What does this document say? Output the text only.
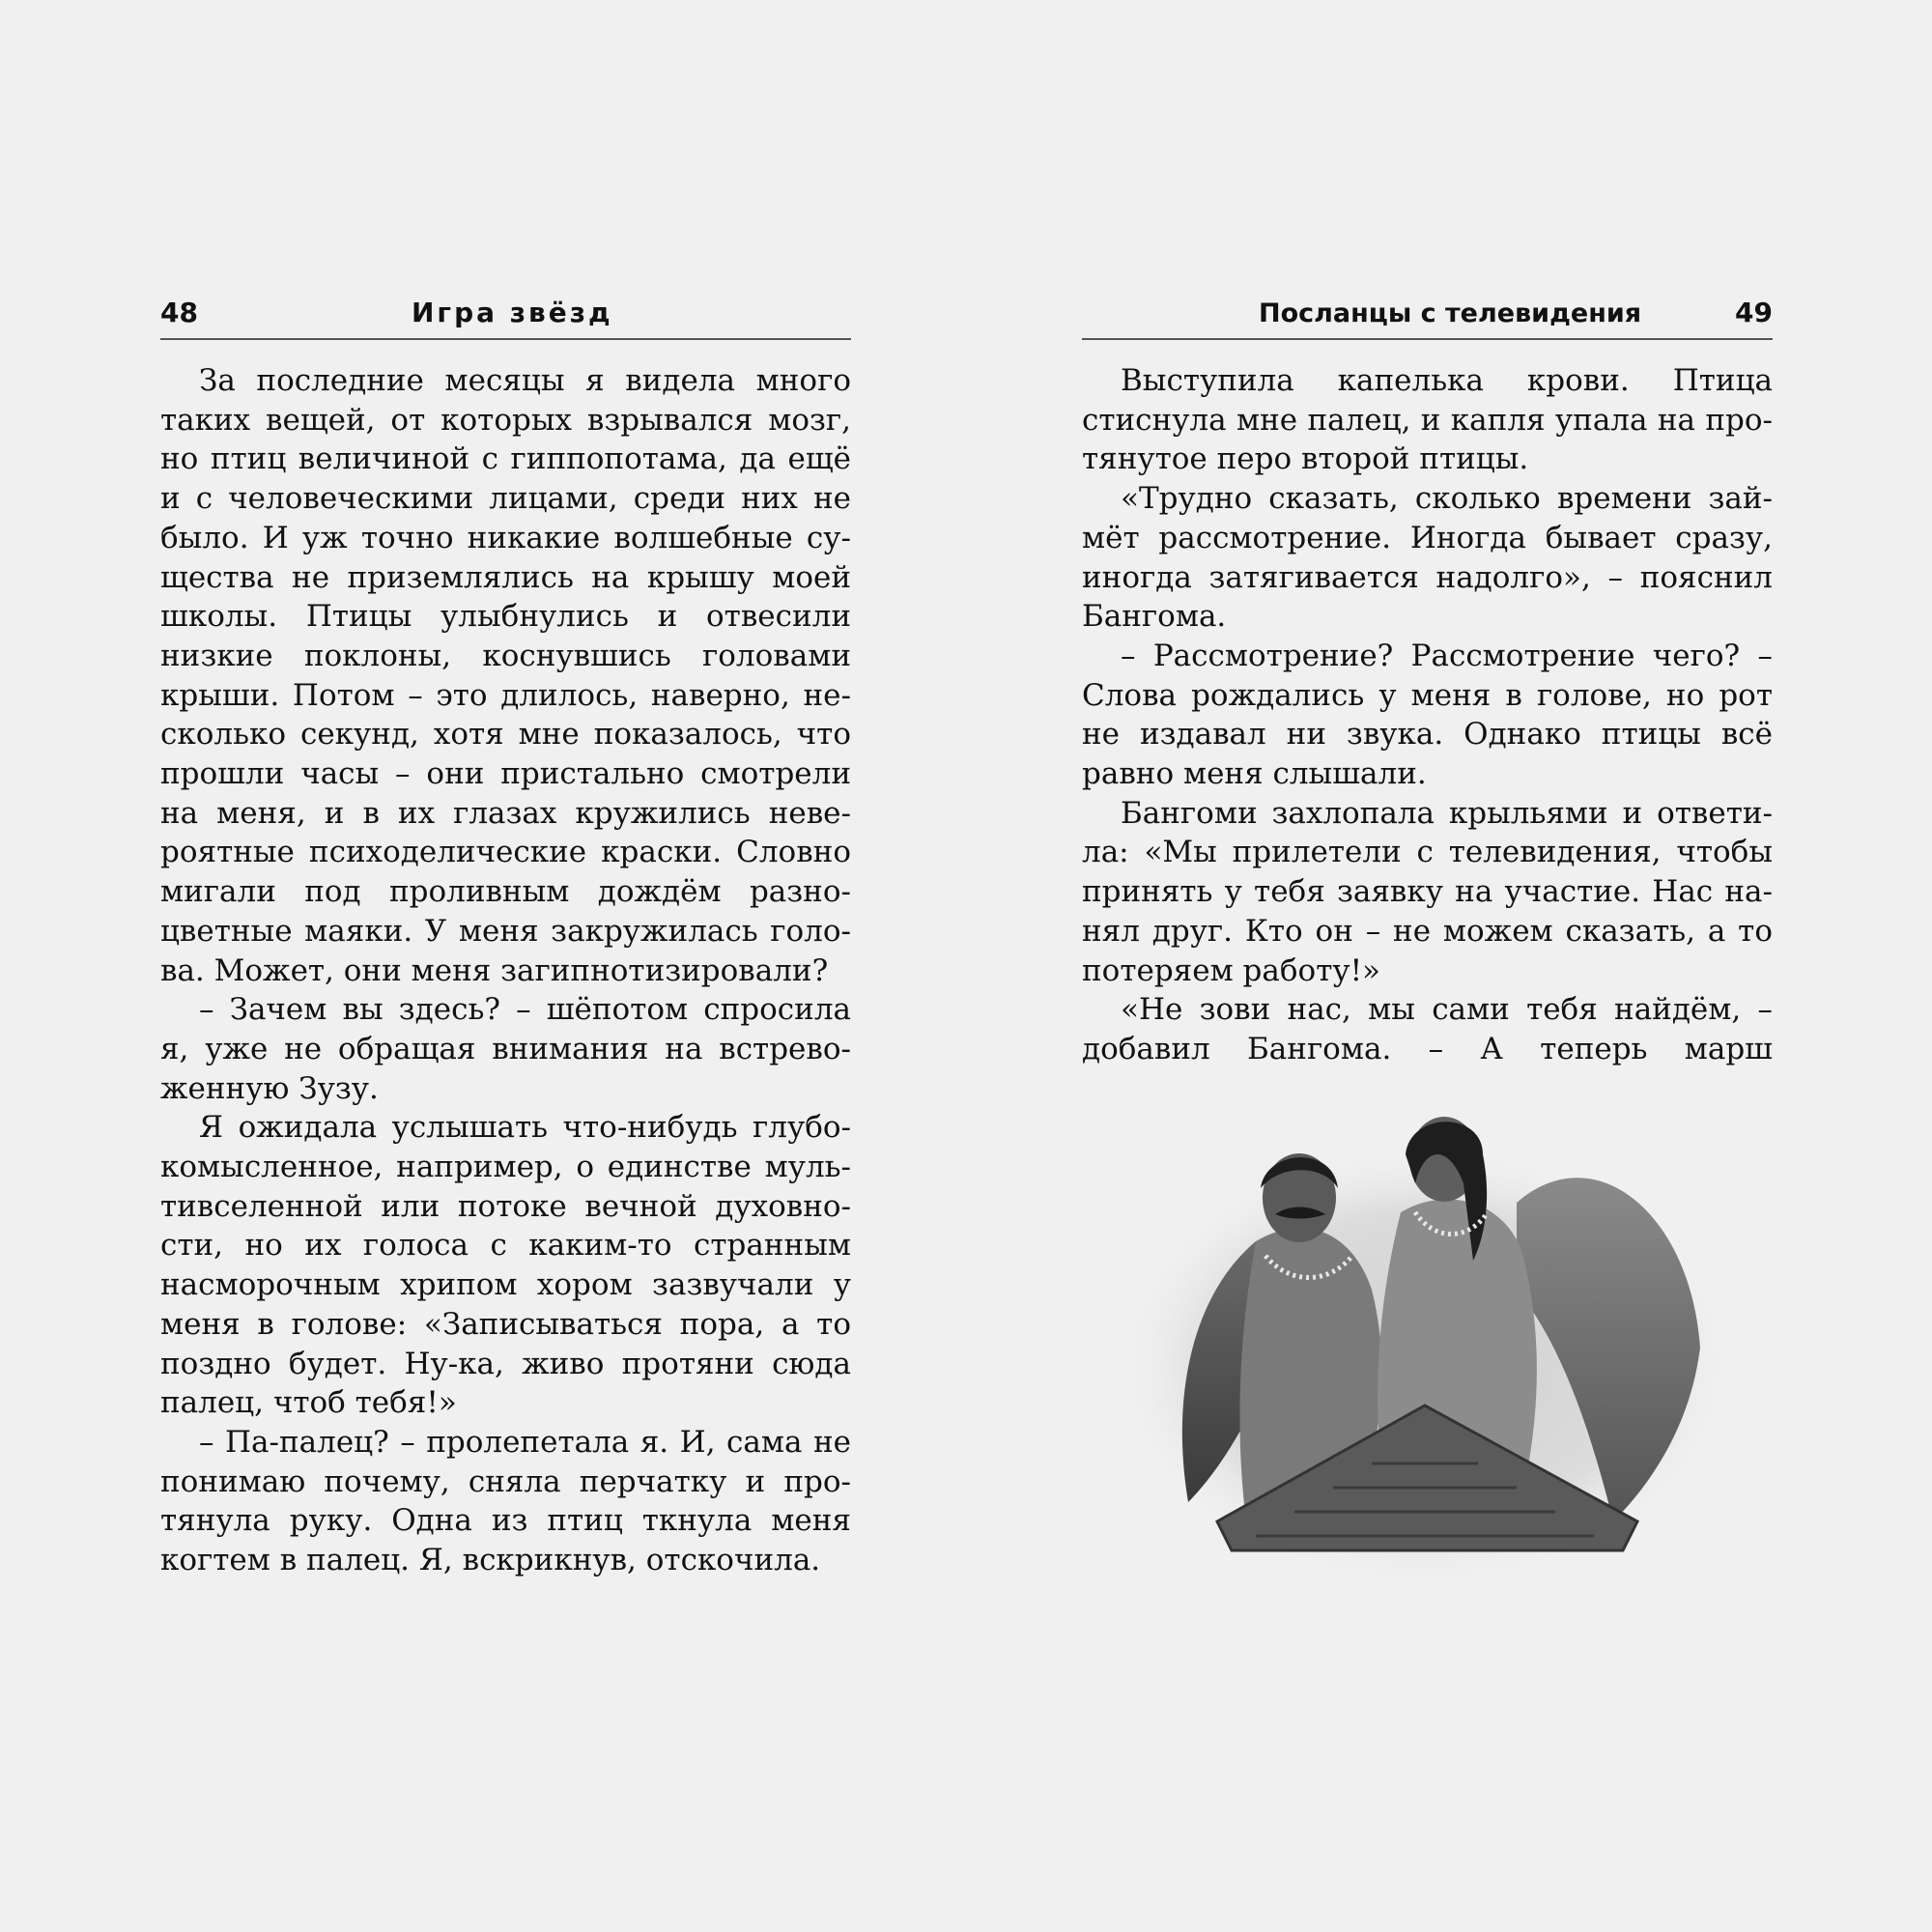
48	Игра звёзд

За последние месяцы я видела много таких вещей, от которых взрывался мозг, но птиц величиной с гиппопотама, да ещё и с человеческими лицами, среди них не было. И уж точно никакие волшебные существа не приземлялись на крышу моей школы. Птицы улыбнулись и отвесили низкие поклоны, коснувшись головами крыши. Потом – это длилось, наверно, несколько секунд, хотя мне показалось, что прошли часы – они пристально смотрели на меня, и в их глазах кружились невероятные психоделические краски. Словно мигали под проливным дождём разноцветные маяки. У меня закружилась голова. Может, они меня загипнотизировали?

– Зачем вы здесь? – шёпотом спросила я, уже не обращая внимания на встревоженную Зузу.

Я ожидала услышать что-нибудь глубокомысленное, например, о единстве мультивселенной или потоке вечной духовности, но их голоса с каким-то странным насморочным хрипом хором зазвучали у меня в голове: «Записываться пора, а то поздно будет. Ну-ка, живо протяни сюда палец, чтоб тебя!»

– Па-палец? – пролепетала я. И, сама не понимаю почему, сняла перчатку и протянула руку. Одна из птиц ткнула меня когтем в палец. Я, вскрикнув, отскочила.

Посланцы с телевидения	49

Выступила капелька крови. Птица стиснула мне палец, и капля упала на протянутое перо второй птицы.

«Трудно сказать, сколько времени займёт рассмотрение. Иногда бывает сразу, иногда затягивается надолго», – пояснил Бангома.

– Рассмотрение? Рассмотрение чего? – Слова рождались у меня в голове, но рот не издавал ни звука. Однако птицы всё равно меня слышали.

Бангоми захлопала крыльями и ответила: «Мы прилетели с телевидения, чтобы принять у тебя заявку на участие. Нас нанял друг. Кто он – не можем сказать, а то потеряем работу!»

«Не зови нас, мы сами тебя найдём, – добавил Бангома. – А теперь марш
